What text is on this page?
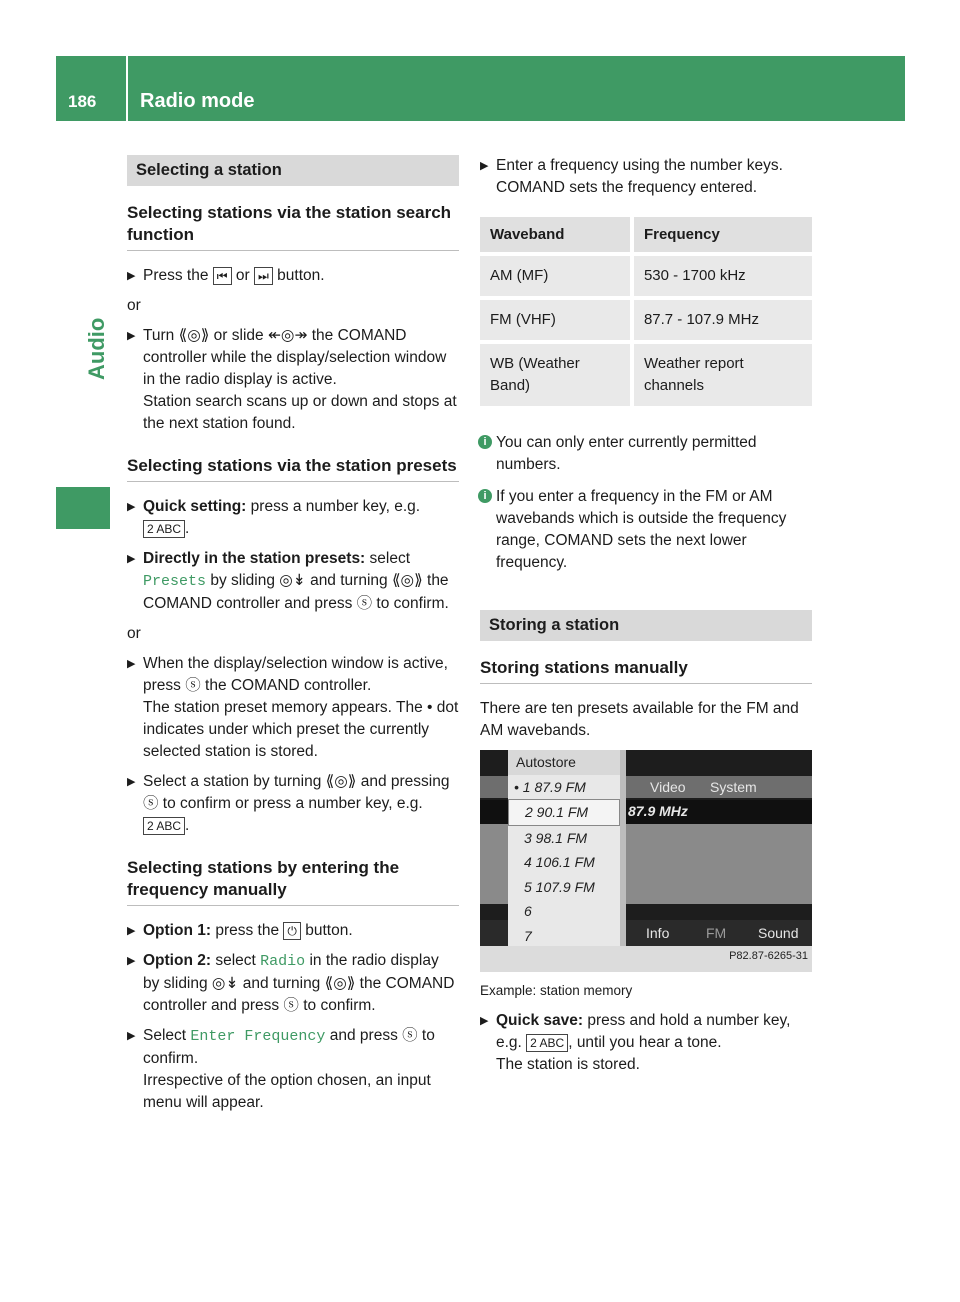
186 Radio mode
Audio
Selecting a station
Selecting stations via the station search function
▶ Press the ⏮ or ⏭ button.
or
▶ Turn ⟪◎⟫ or slide ↞◎↠ the COMAND controller while the display/selection window in the radio display is active.
Station search scans up or down and stops at the next station found.
Selecting stations via the station presets
▶ Quick setting: press a number key, e.g. 2 ABC .
▶ Directly in the station presets: select Presets by sliding ◎↡ and turning ⟪◎⟫ the COMAND controller and press ⓢ to confirm.
or
▶ When the display/selection window is active, press ⓢ the COMAND controller.
The station preset memory appears. The • dot indicates under which preset the currently selected station is stored.
▶ Select a station by turning ⟪◎⟫ and pressing ⓢ to confirm or press a number key, e.g. 2 ABC .
Selecting stations by entering the frequency manually
▶ Option 1: press the ⏻ button.
▶ Option 2: select Radio in the radio display by sliding ◎↡ and turning ⟪◎⟫ the COMAND controller and press ⓢ to confirm.
▶ Select Enter Frequency and press ⓢ to confirm.
Irrespective of the option chosen, an input menu will appear.
▶ Enter a frequency using the number keys.
COMAND sets the frequency entered.
Waveband	Frequency
AM (MF)	530 - 1700 kHz
FM (VHF)	87.7 - 107.9 MHz
WB (Weather Band)	Weather report channels
i You can only enter currently permitted numbers.
i If you enter a frequency in the FM or AM wavebands which is outside the frequency range, COMAND sets the next lower frequency.
Storing a station
Storing stations manually
There are ten presets available for the FM and AM wavebands.
Video System
87.9 MHz
Info	FM Sound
Autostore
• 1 87.9 FM
2 90.1 FM
3 98.1 FM
4 106.1 FM
5 107.9 FM
6
7
P82.87-6265-31
Example: station memory
▶ Quick save: press and hold a number key, e.g. 2 ABC , until you hear a tone.
The station is stored.
